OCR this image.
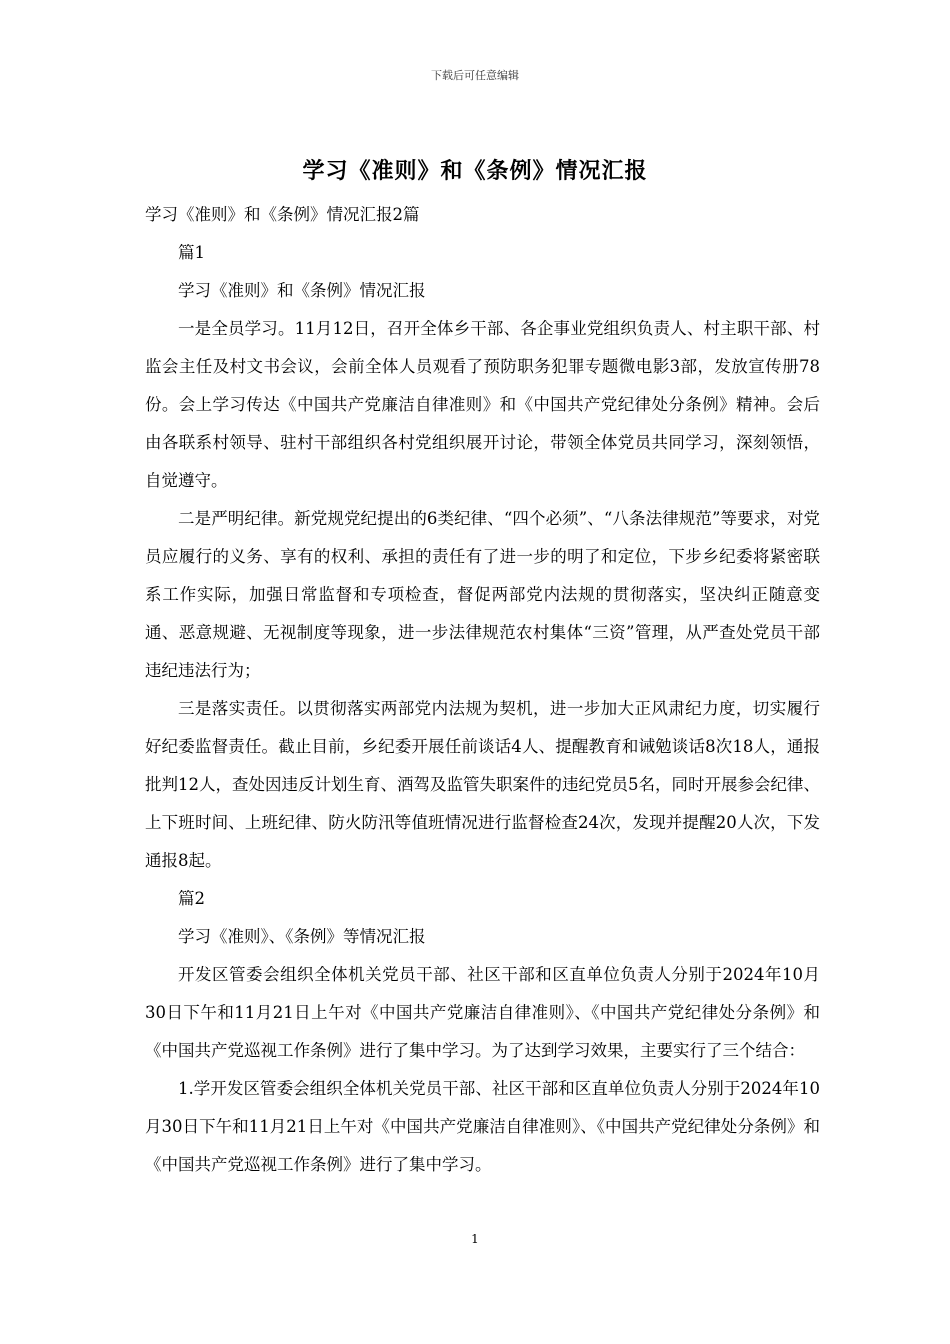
下载后可任意编辑
学习《准则》和《条例》情况汇报

学习《准则》和《条例》情况汇报2篇

篇1

学习《准则》和《条例》情况汇报

一是全员学习。11月12日，召开全体乡干部、各企事业党组织负责人、村主职干部、村监会主任及村文书会议，会前全体人员观看了预防职务犯罪专题微电影3部，发放宣传册78份。会上学习传达《中国共产党廉洁自律准则》和《中国共产党纪律处分条例》精神。会后由各联系村领导、驻村干部组织各村党组织展开讨论，带领全体党员共同学习，深刻领悟，自觉遵守。

二是严明纪律。新党规党纪提出的6类纪律、“四个必须”、“八条法律规范”等要求，对党员应履行的义务、享有的权利、承担的责任有了进一步的明了和定位，下步乡纪委将紧密联系工作实际，加强日常监督和专项检查，督促两部党内法规的贯彻落实，坚决纠正随意变通、恶意规避、无视制度等现象，进一步法律规范农村集体“三资”管理，从严查处党员干部违纪违法行为；

三是落实责任。以贯彻落实两部党内法规为契机，进一步加大正风肃纪力度，切实履行好纪委监督责任。截止目前，乡纪委开展任前谈话4人、提醒教育和诫勉谈话8次18人，通报批判12人，查处因违反计划生育、酒驾及监管失职案件的违纪党员5名，同时开展参会纪律、上下班时间、上班纪律、防火防汛等值班情况进行监督检查24次，发现并提醒20人次，下发通报8起。

篇2

学习《准则》、《条例》等情况汇报

开发区管委会组织全体机关党员干部、社区干部和区直单位负责人分别于2024年10月30日下午和11月21日上午对《中国共产党廉洁自律准则》、《中国共产党纪律处分条例》和《中国共产党巡视工作条例》进行了集中学习。为了达到学习效果，主要实行了三个结合：

1.学开发区管委会组织全体机关党员干部、社区干部和区直单位负责人分别于2024年10月30日下午和11月21日上午对《中国共产党廉洁自律准则》、《中国共产党纪律处分条例》和《中国共产党巡视工作条例》进行了集中学习。

1
